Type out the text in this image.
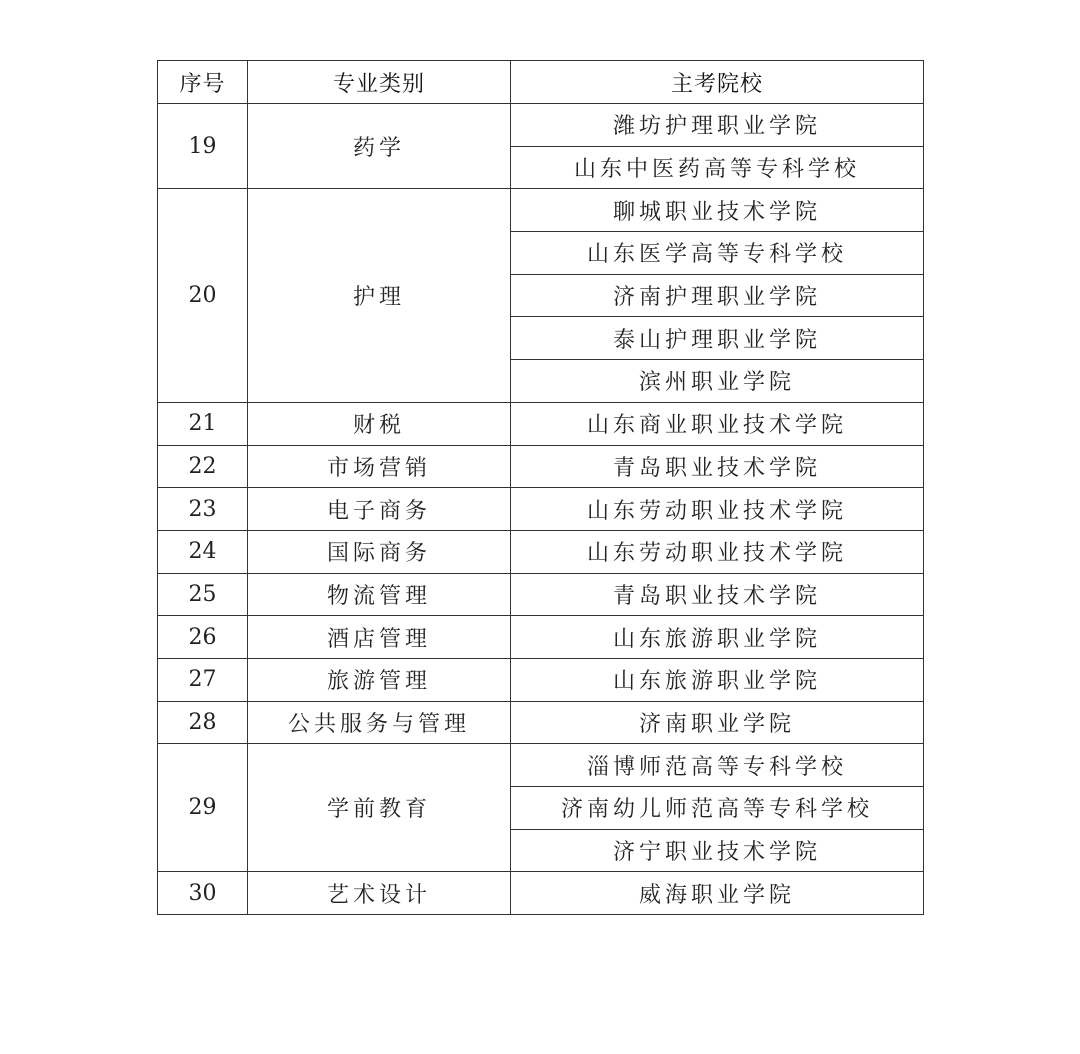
序号	专业类别	主考院校
19	药学	潍坊护理职业学院
		山东中医药高等专科学校
20	护理	聊城职业技术学院
		山东医学高等专科学校
		济南护理职业学院
		泰山护理职业学院
		滨州职业学院
21	财税	山东商业职业技术学院
22	市场营销	青岛职业技术学院
23	电子商务	山东劳动职业技术学院
24	国际商务	山东劳动职业技术学院
25	物流管理	青岛职业技术学院
26	酒店管理	山东旅游职业学院
27	旅游管理	山东旅游职业学院
28	公共服务与管理	济南职业学院
29	学前教育	淄博师范高等专科学校
		济南幼儿师范高等专科学校
		济宁职业技术学院
30	艺术设计	威海职业学院
